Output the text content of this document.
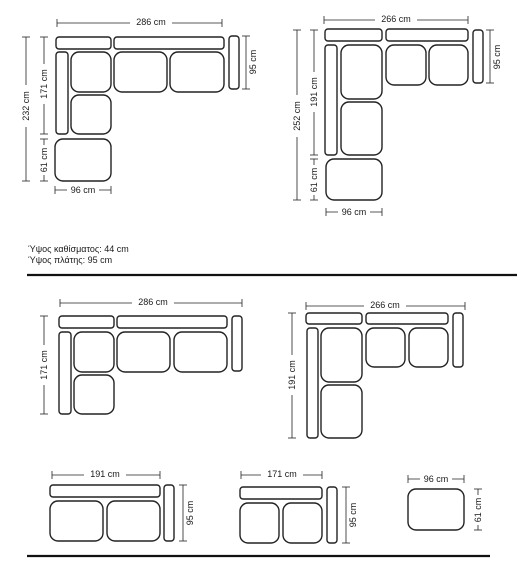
286 cm
95 cm
232 cm
171 cm
61 cm
96 cm
266 cm
95 cm
252 cm
191 cm
61 cm
96 cm
286 cm
171 cm
266 cm
191 cm
191 cm
95 cm
171 cm
95 cm
96 cm
61 cm
Ύψος καθίσματος: 44 cm
Ύψος πλάτης: 95 cm
